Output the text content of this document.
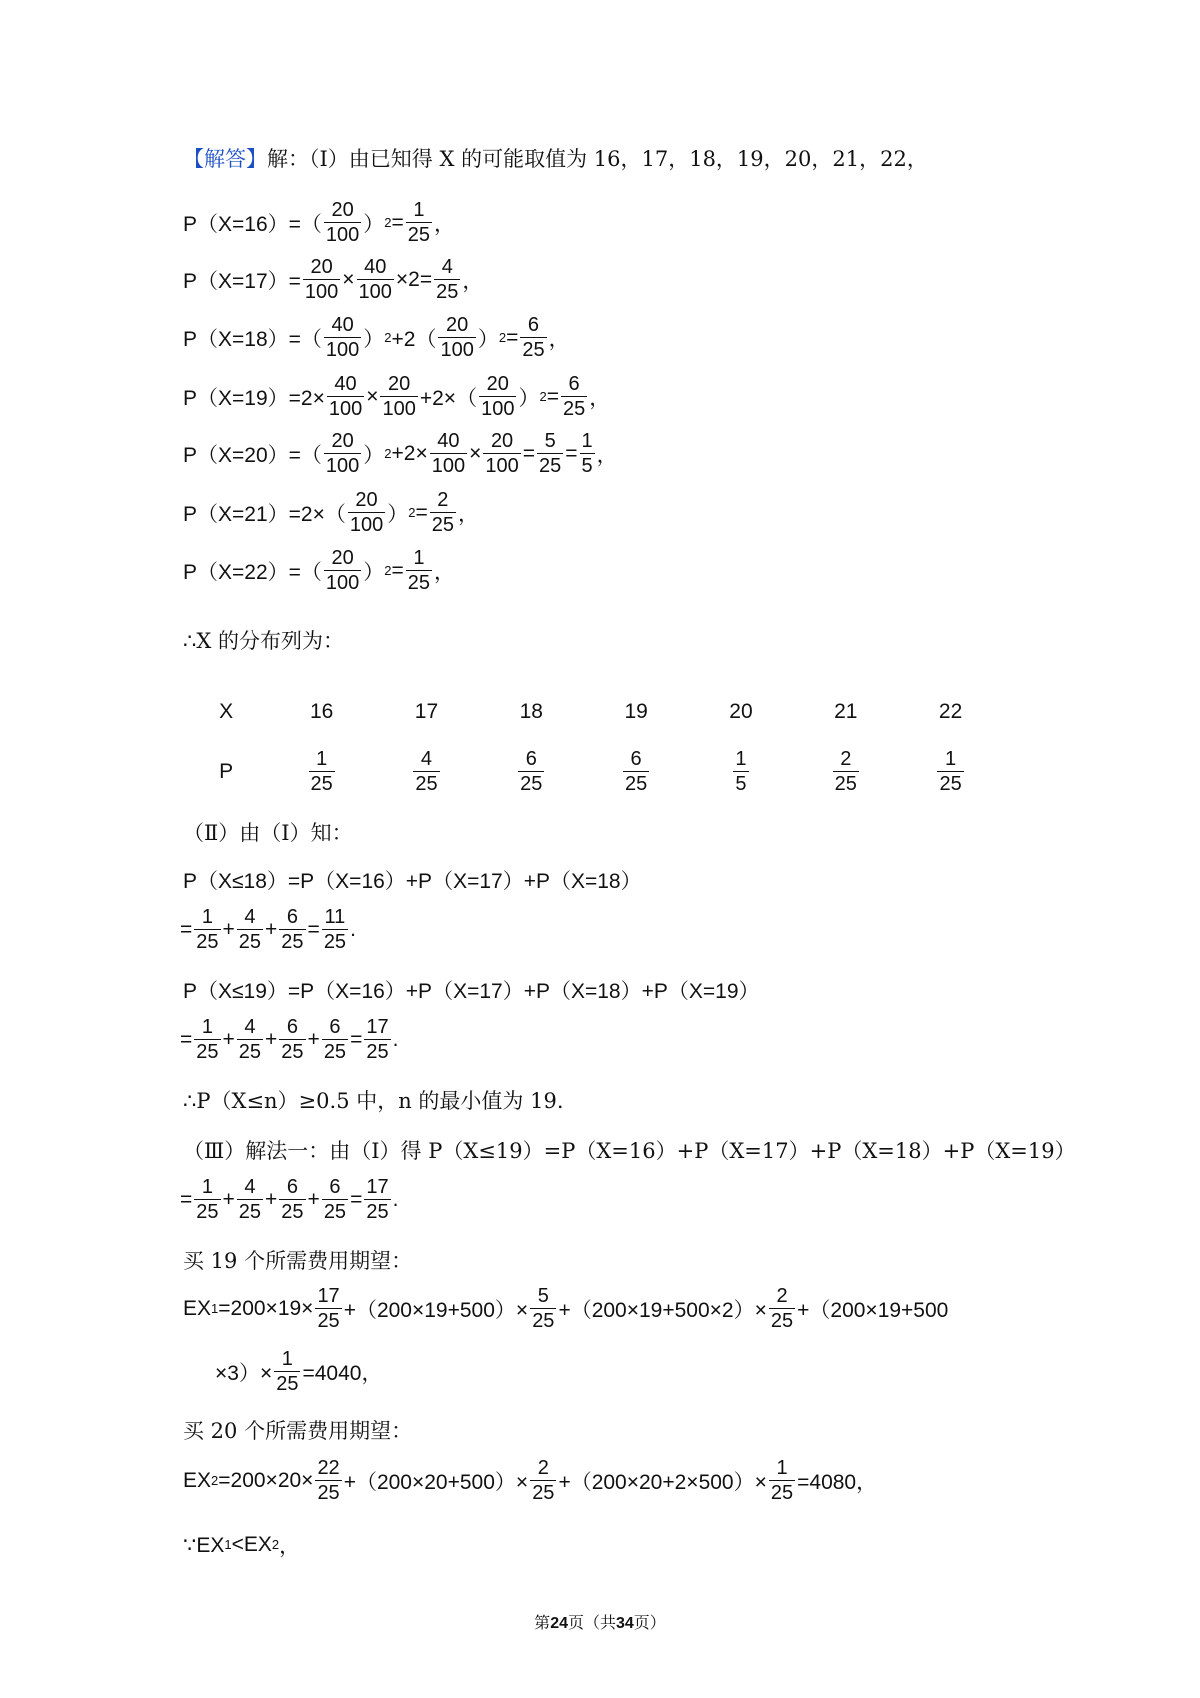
【解答】 解：（Ⅰ）由已知得 X 的可能取值为 16，17，18，19，20，21，22，
$P(X=16)=( \frac{20}{100}$ ） $2 = \frac{1}{25}$ ，
$P(X=17)= \frac{20}{100} \times \frac{40}{100} \times 2= \frac{4}{25}$ ，
$P(X=18)=( \frac{40}{100}$ ） $2 +2( \frac{20}{100}$ ） $2 = \frac{6}{25}$ ，
$P(X=19)=2\times \frac{40}{100} \times \frac{20}{100} +2\times( \frac{20}{100}$ ） $2 = \frac{6}{25}$ ，
$P(X=20)=( \frac{20}{100}$ ） $2 +2\times \frac{40}{100} \times \frac{20}{100} = \frac{5}{25} = \frac{1}{5}$ ，
$P(X=21)=2\times( \frac{20}{100}$ ） $2 = \frac{2}{25}$ ，
$P(X=22)=( \frac{20}{100}$ ） $2 = \frac{1}{25}$ ，
∴X 的分布列为：
X	16	17	18	19	20	21	22
P	$\frac{1}{25}$	$\frac{4}{25}$	$\frac{6}{25}$	$\frac{6}{25}$	$\frac{1}{5}$	$\frac{2}{25}$	$\frac{1}{25}$
（Ⅱ）由（Ⅰ）知：
P（X≤18）=P（X=16）+P（X=17）+P（X=18）
= $\frac{1}{25} + \frac{4}{25} + \frac{6}{25} = \frac{11}{25}$ .
P（X≤19）=P（X=16）+P（X=17）+P（X=18）+P（X=19）
= $\frac{1}{25} + \frac{4}{25} + \frac{6}{25} + \frac{6}{25} = \frac{17}{25}$ .
∴P（X≤n）≥0.5 中，n 的最小值为 19.
（Ⅲ）解法一：由（Ⅰ）得 P（X≤19）=P（X=16）+P（X=17）+P（X=18）+P（X=19）
= $\frac{1}{25} + \frac{4}{25} + \frac{6}{25} + \frac{6}{25} = \frac{17}{25}$ .
买 19 个所需费用期望：
EX $1 =200\times 19\times \frac{17}{25} +(200\times 19+500)\times \frac{5}{25} +(200\times 19+500\times 2)\times \frac{2}{25} +(200\times 19+500$
$\times 3)\times \frac{1}{25} =4040$，
买 20 个所需费用期望：
EX $2 =200\times 20\times \frac{22}{25} +(200\times 20+500)\times \frac{2}{25} +(200\times 20+2\times 500)\times \frac{1}{25} =4080$，
∵EX 1 <EX 2 ，
第24页（共34页）
